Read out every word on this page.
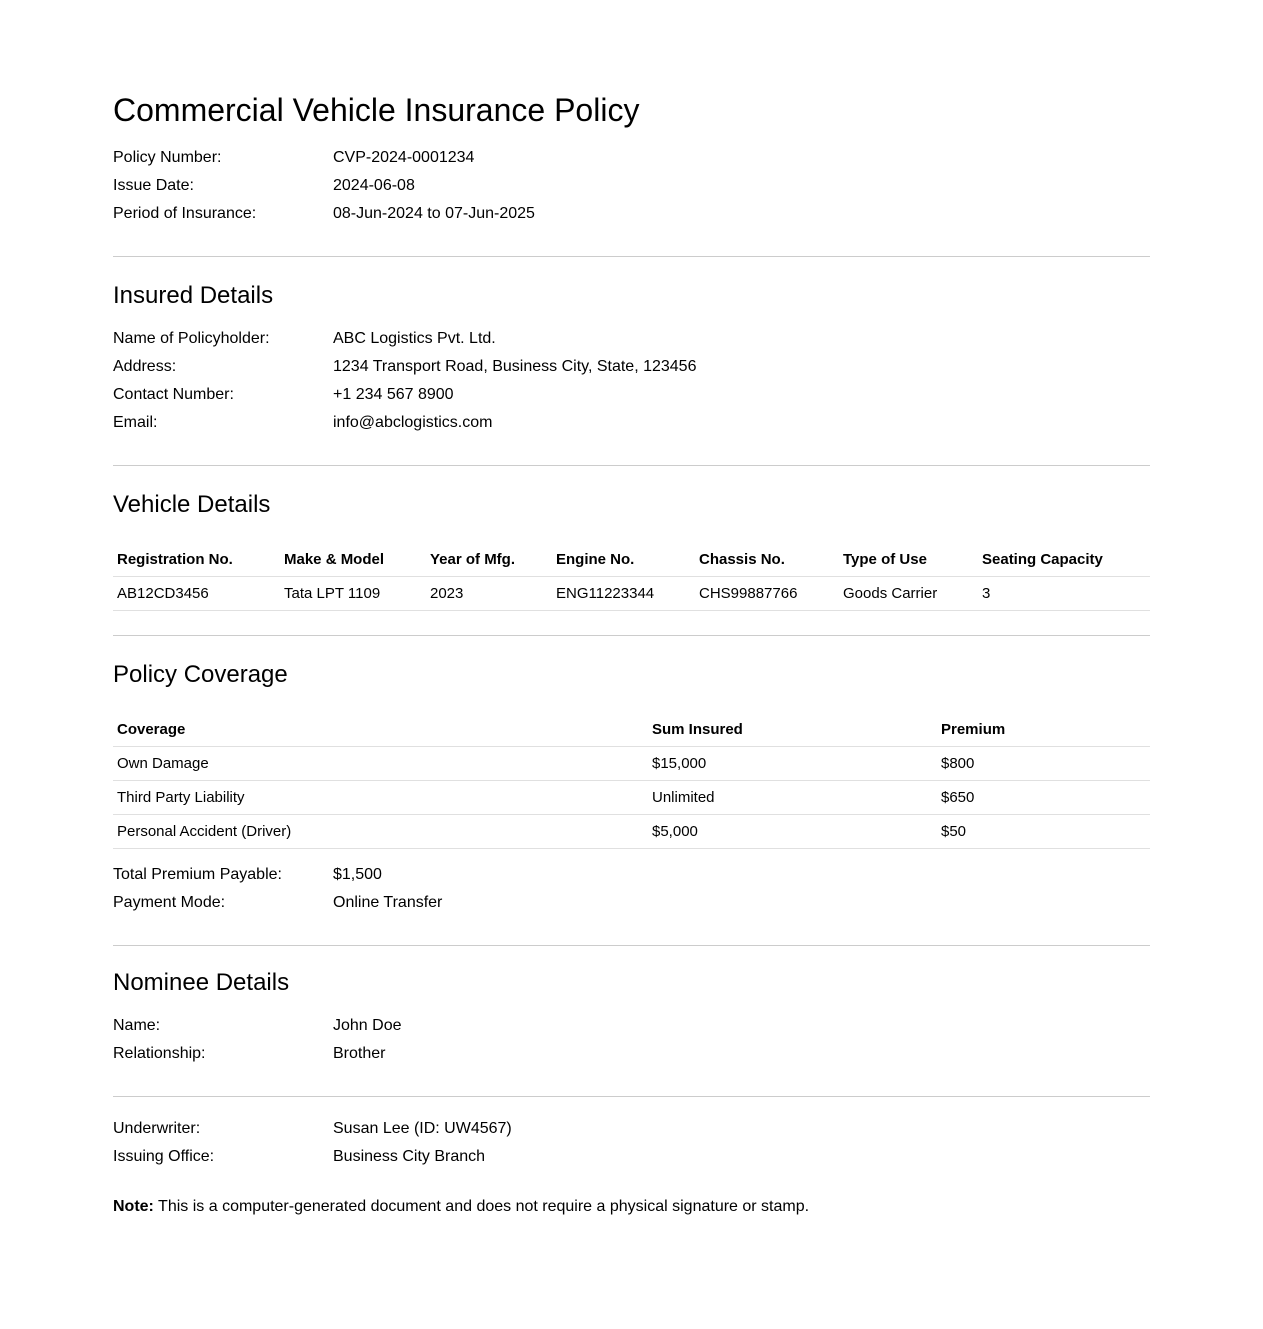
Commercial Vehicle Insurance Policy
Policy Number:	CVP-2024-0001234
Issue Date:	2024-06-08
Period of Insurance:	08-Jun-2024 to 07-Jun-2025
Insured Details
Name of Policyholder:	ABC Logistics Pvt. Ltd.
Address:	1234 Transport Road, Business City, State, 123456
Contact Number:	+1 234 567 8900
Email:	info@abclogistics.com
Vehicle Details
Registration No.	Make & Model	Year of Mfg.	Engine No.	Chassis No.	Type of Use	Seating Capacity
AB12CD3456	Tata LPT 1109	2023	ENG11223344	CHS99887766	Goods Carrier	3
Policy Coverage
Coverage	Sum Insured	Premium
Own Damage	$15,000	$800
Third Party Liability	Unlimited	$650
Personal Accident (Driver)	$5,000	$50
Total Premium Payable:	$1,500
Payment Mode:	Online Transfer
Nominee Details
Name:	John Doe
Relationship:	Brother
Underwriter:	Susan Lee (ID: UW4567)
Issuing Office:	Business City Branch
Note: This is a computer-generated document and does not require a physical signature or stamp.
